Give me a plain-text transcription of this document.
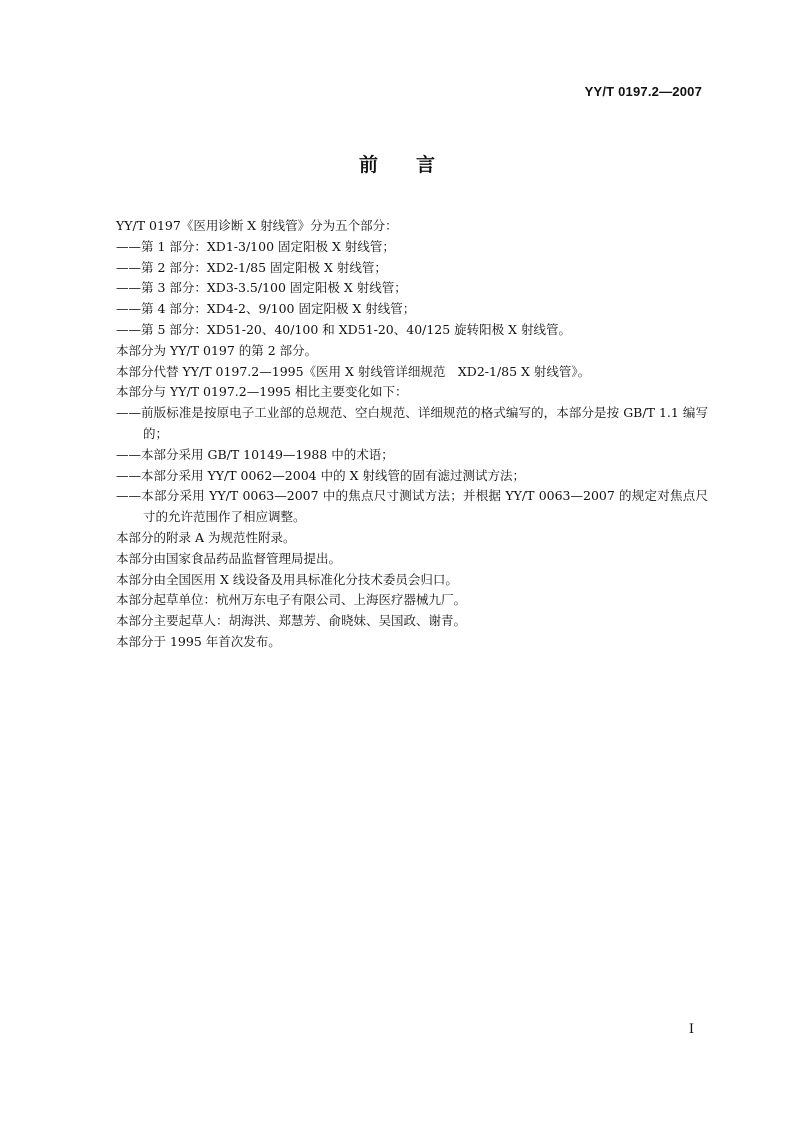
YY/T 0197.2—2007
前言
YY/T 0197《医用诊断 X 射线管》分为五个部分：
——第 1 部分：XD1-3/100 固定阳极 X 射线管；
——第 2 部分：XD2-1/85 固定阳极 X 射线管；
——第 3 部分：XD3-3.5/100 固定阳极 X 射线管；
——第 4 部分：XD4-2、9/100 固定阳极 X 射线管；
——第 5 部分：XD51-20、40/100 和 XD51-20、40/125 旋转阳极 X 射线管。
本部分为 YY/T 0197 的第 2 部分。
本部分代替 YY/T 0197.2—1995《医用 X 射线管详细规范　XD2-1/85 X 射线管》。
本部分与 YY/T 0197.2—1995 相比主要变化如下：
——前版标准是按原电子工业部的总规范、空白规范、详细规范的格式编写的，本部分是按 GB/T 1.1 编写的；
——本部分采用 GB/T 10149—1988 中的术语；
——本部分采用 YY/T 0062—2004 中的 X 射线管的固有滤过测试方法；
——本部分采用 YY/T 0063—2007 中的焦点尺寸测试方法；并根据 YY/T 0063—2007 的规定对焦点尺寸的允许范围作了相应调整。
本部分的附录 A 为规范性附录。
本部分由国家食品药品监督管理局提出。
本部分由全国医用 X 线设备及用具标准化分技术委员会归口。
本部分起草单位：杭州万东电子有限公司、上海医疗器械九厂。
本部分主要起草人：胡海洪、郑慧芳、俞晓妹、吴国政、谢青。
本部分于 1995 年首次发布。
I
